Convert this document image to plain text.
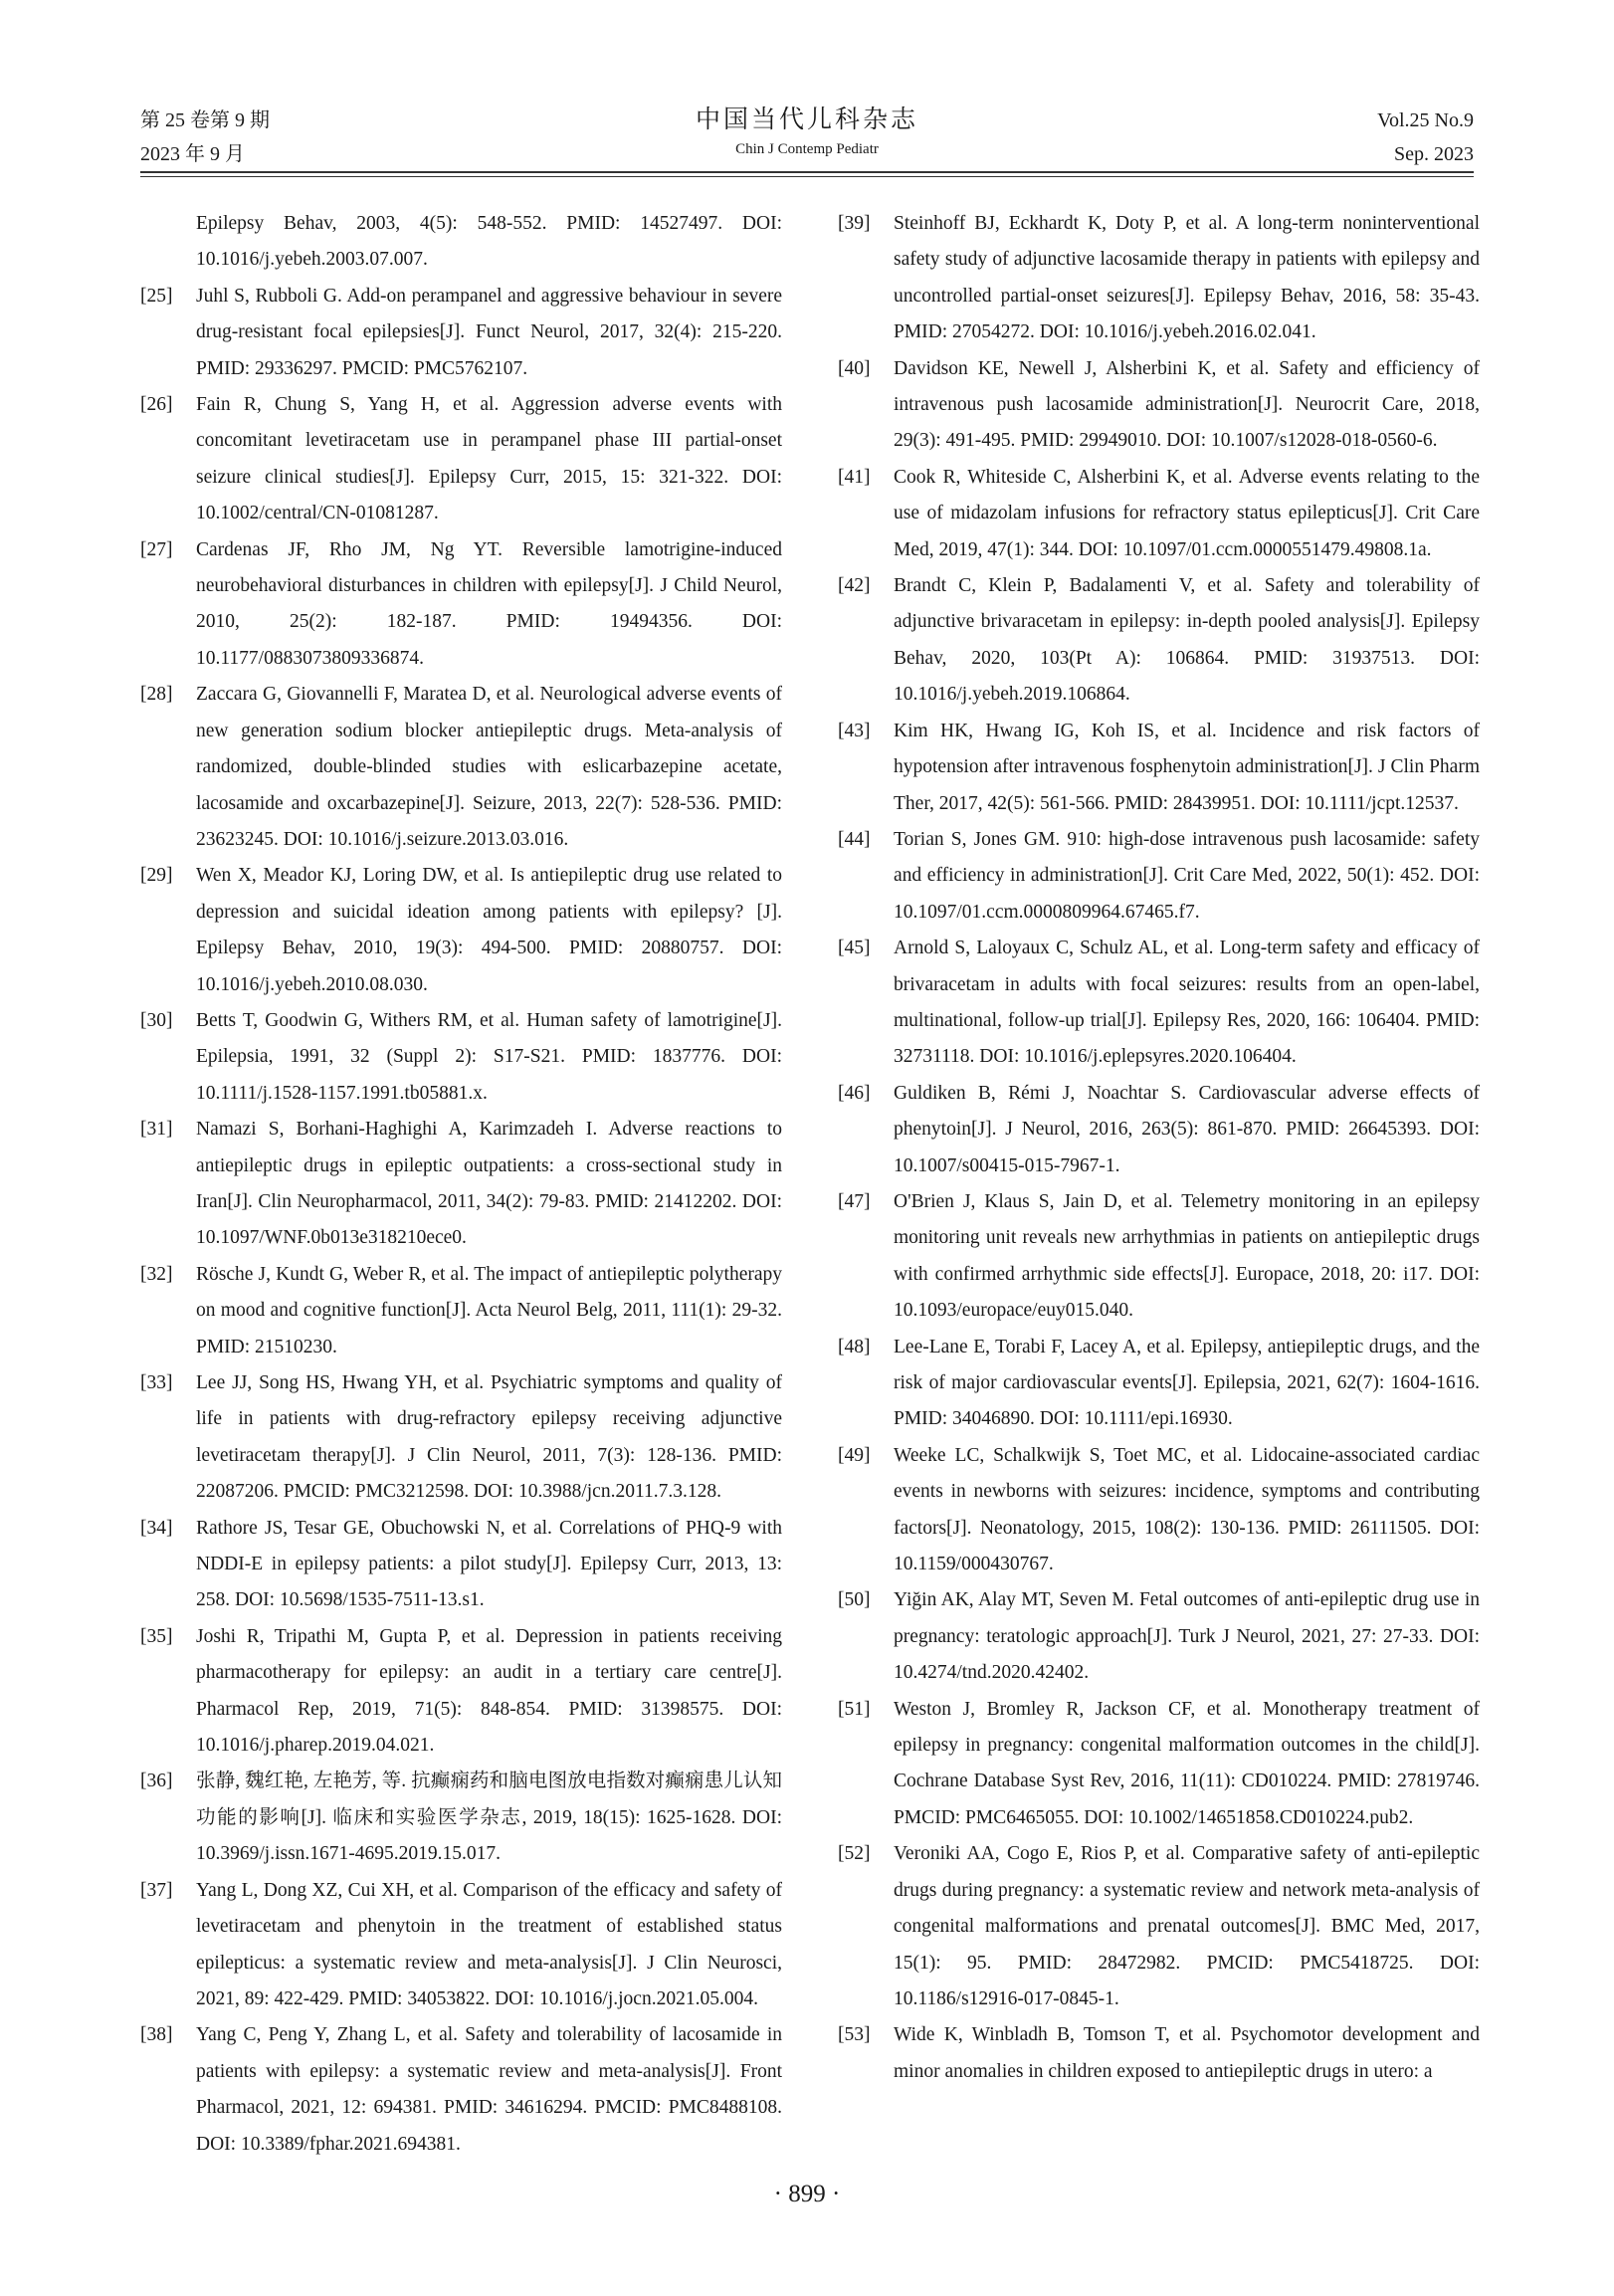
第 25 卷第 9 期
2023 年 9 月
中国当代儿科杂志
Chin J Contemp Pediatr
Vol.25 No.9
Sep. 2023
Epilepsy Behav, 2003, 4(5): 548-552. PMID: 14527497. DOI: 10.1016/j.yebeh.2003.07.007.
[25] Juhl S, Rubboli G. Add-on perampanel and aggressive behaviour in severe drug-resistant focal epilepsies[J]. Funct Neurol, 2017, 32(4): 215-220. PMID: 29336297. PMCID: PMC5762107.
[26] Fain R, Chung S, Yang H, et al. Aggression adverse events with concomitant levetiracetam use in perampanel phase III partial-onset seizure clinical studies[J]. Epilepsy Curr, 2015, 15: 321-322. DOI: 10.1002/central/CN-01081287.
[27] Cardenas JF, Rho JM, Ng YT. Reversible lamotrigine-induced neurobehavioral disturbances in children with epilepsy[J]. J Child Neurol, 2010, 25(2): 182-187. PMID: 19494356. DOI: 10.1177/0883073809336874.
[28] Zaccara G, Giovannelli F, Maratea D, et al. Neurological adverse events of new generation sodium blocker antiepileptic drugs. Meta-analysis of randomized, double-blinded studies with eslicarbazepine acetate, lacosamide and oxcarbazepine[J]. Seizure, 2013, 22(7): 528-536. PMID: 23623245. DOI: 10.1016/j.seizure.2013.03.016.
[29] Wen X, Meador KJ, Loring DW, et al. Is antiepileptic drug use related to depression and suicidal ideation among patients with epilepsy? [J]. Epilepsy Behav, 2010, 19(3): 494-500. PMID: 20880757. DOI: 10.1016/j.yebeh.2010.08.030.
[30] Betts T, Goodwin G, Withers RM, et al. Human safety of lamotrigine[J]. Epilepsia, 1991, 32 (Suppl 2): S17-S21. PMID: 1837776. DOI: 10.1111/j.1528-1157.1991.tb05881.x.
[31] Namazi S, Borhani-Haghighi A, Karimzadeh I. Adverse reactions to antiepileptic drugs in epileptic outpatients: a cross-sectional study in Iran[J]. Clin Neuropharmacol, 2011, 34(2): 79-83. PMID: 21412202. DOI: 10.1097/WNF.0b013e318210ece0.
[32] Rösche J, Kundt G, Weber R, et al. The impact of antiepileptic polytherapy on mood and cognitive function[J]. Acta Neurol Belg, 2011, 111(1): 29-32. PMID: 21510230.
[33] Lee JJ, Song HS, Hwang YH, et al. Psychiatric symptoms and quality of life in patients with drug-refractory epilepsy receiving adjunctive levetiracetam therapy[J]. J Clin Neurol, 2011, 7(3): 128-136. PMID: 22087206. PMCID: PMC3212598. DOI: 10.3988/jcn.2011.7.3.128.
[34] Rathore JS, Tesar GE, Obuchowski N, et al. Correlations of PHQ-9 with NDDI-E in epilepsy patients: a pilot study[J]. Epilepsy Curr, 2013, 13: 258. DOI: 10.5698/1535-7511-13.s1.
[35] Joshi R, Tripathi M, Gupta P, et al. Depression in patients receiving pharmacotherapy for epilepsy: an audit in a tertiary care centre[J]. Pharmacol Rep, 2019, 71(5): 848-854. PMID: 31398575. DOI: 10.1016/j.pharep.2019.04.021.
[36] 张静, 魏红艳, 左艳芳, 等. 抗癫痫药和脑电图放电指数对癫痫患儿认知功能的影响[J]. 临床和实验医学杂志, 2019, 18(15): 1625-1628. DOI: 10.3969/j.issn.1671-4695.2019.15.017.
[37] Yang L, Dong XZ, Cui XH, et al. Comparison of the efficacy and safety of levetiracetam and phenytoin in the treatment of established status epilepticus: a systematic review and meta-analysis[J]. J Clin Neurosci, 2021, 89: 422-429. PMID: 34053822. DOI: 10.1016/j.jocn.2021.05.004.
[38] Yang C, Peng Y, Zhang L, et al. Safety and tolerability of lacosamide in patients with epilepsy: a systematic review and meta-analysis[J]. Front Pharmacol, 2021, 12: 694381. PMID: 34616294. PMCID: PMC8488108. DOI: 10.3389/fphar.2021.694381.
[39] Steinhoff BJ, Eckhardt K, Doty P, et al. A long-term noninterventional safety study of adjunctive lacosamide therapy in patients with epilepsy and uncontrolled partial-onset seizures[J]. Epilepsy Behav, 2016, 58: 35-43. PMID: 27054272. DOI: 10.1016/j.yebeh.2016.02.041.
[40] Davidson KE, Newell J, Alsherbini K, et al. Safety and efficiency of intravenous push lacosamide administration[J]. Neurocrit Care, 2018, 29(3): 491-495. PMID: 29949010. DOI: 10.1007/s12028-018-0560-6.
[41] Cook R, Whiteside C, Alsherbini K, et al. Adverse events relating to the use of midazolam infusions for refractory status epilepticus[J]. Crit Care Med, 2019, 47(1): 344. DOI: 10.1097/01.ccm.0000551479.49808.1a.
[42] Brandt C, Klein P, Badalamenti V, et al. Safety and tolerability of adjunctive brivaracetam in epilepsy: in-depth pooled analysis[J]. Epilepsy Behav, 2020, 103(Pt A): 106864. PMID: 31937513. DOI: 10.1016/j.yebeh.2019.106864.
[43] Kim HK, Hwang IG, Koh IS, et al. Incidence and risk factors of hypotension after intravenous fosphenytoin administration[J]. J Clin Pharm Ther, 2017, 42(5): 561-566. PMID: 28439951. DOI: 10.1111/jcpt.12537.
[44] Torian S, Jones GM. 910: high-dose intravenous push lacosamide: safety and efficiency in administration[J]. Crit Care Med, 2022, 50(1): 452. DOI: 10.1097/01.ccm.0000809964.67465.f7.
[45] Arnold S, Laloyaux C, Schulz AL, et al. Long-term safety and efficacy of brivaracetam in adults with focal seizures: results from an open-label, multinational, follow-up trial[J]. Epilepsy Res, 2020, 166: 106404. PMID: 32731118. DOI: 10.1016/j.eplepsyres.2020.106404.
[46] Guldiken B, Rémi J, Noachtar S. Cardiovascular adverse effects of phenytoin[J]. J Neurol, 2016, 263(5): 861-870. PMID: 26645393. DOI: 10.1007/s00415-015-7967-1.
[47] O'Brien J, Klaus S, Jain D, et al. Telemetry monitoring in an epilepsy monitoring unit reveals new arrhythmias in patients on antiepileptic drugs with confirmed arrhythmic side effects[J]. Europace, 2018, 20: i17. DOI: 10.1093/europace/euy015.040.
[48] Lee-Lane E, Torabi F, Lacey A, et al. Epilepsy, antiepileptic drugs, and the risk of major cardiovascular events[J]. Epilepsia, 2021, 62(7): 1604-1616. PMID: 34046890. DOI: 10.1111/epi.16930.
[49] Weeke LC, Schalkwijk S, Toet MC, et al. Lidocaine-associated cardiac events in newborns with seizures: incidence, symptoms and contributing factors[J]. Neonatology, 2015, 108(2): 130-136. PMID: 26111505. DOI: 10.1159/000430767.
[50] Yiğin AK, Alay MT, Seven M. Fetal outcomes of anti-epileptic drug use in pregnancy: teratologic approach[J]. Turk J Neurol, 2021, 27: 27-33. DOI: 10.4274/tnd.2020.42402.
[51] Weston J, Bromley R, Jackson CF, et al. Monotherapy treatment of epilepsy in pregnancy: congenital malformation outcomes in the child[J]. Cochrane Database Syst Rev, 2016, 11(11): CD010224. PMID: 27819746. PMCID: PMC6465055. DOI: 10.1002/14651858.CD010224.pub2.
[52] Veroniki AA, Cogo E, Rios P, et al. Comparative safety of anti-epileptic drugs during pregnancy: a systematic review and network meta-analysis of congenital malformations and prenatal outcomes[J]. BMC Med, 2017, 15(1): 95. PMID: 28472982. PMCID: PMC5418725. DOI: 10.1186/s12916-017-0845-1.
[53] Wide K, Winbladh B, Tomson T, et al. Psychomotor development and minor anomalies in children exposed to antiepileptic drugs in utero: a
· 899 ·
